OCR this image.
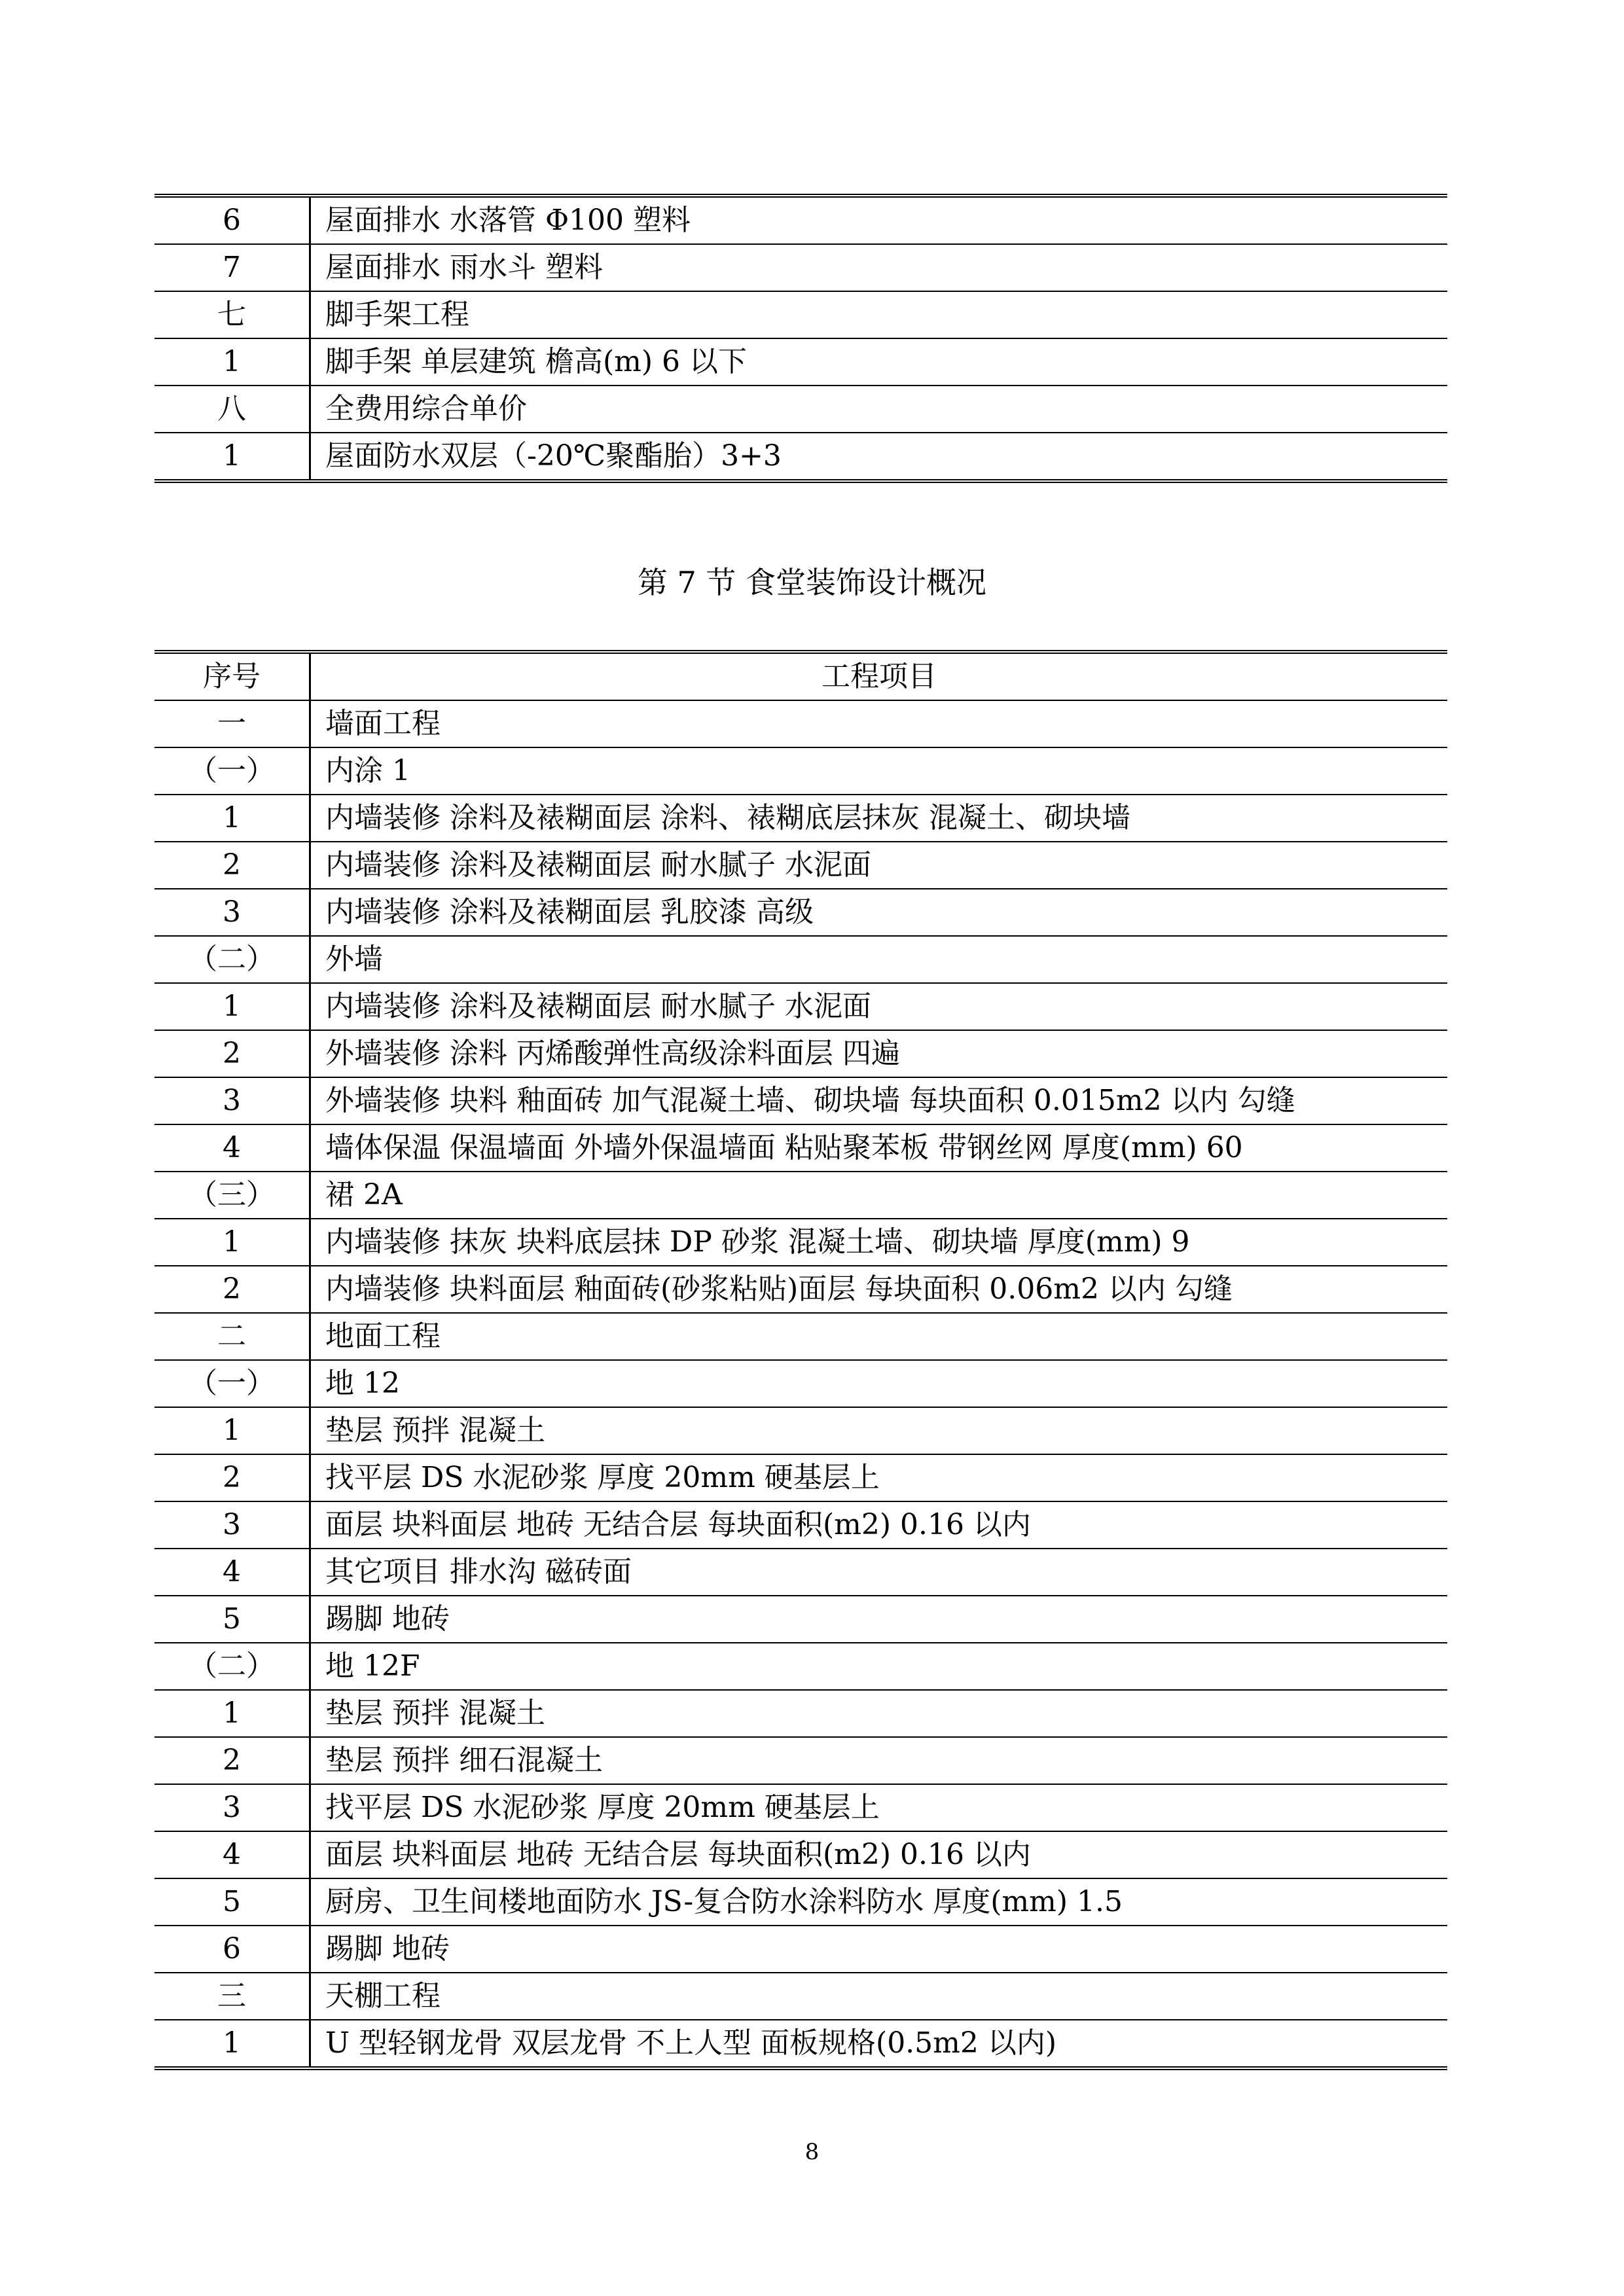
6	屋面排水 水落管 Φ100 塑料
7	屋面排水 雨水斗 塑料
七	脚手架工程
1	脚手架 单层建筑 檐高(m) 6 以下
八	全费用综合单价
1	屋面防水双层（-20℃聚酯胎）3+3
第 7 节 食堂装饰设计概况
序号	工程项目
一	墙面工程
（一）	内涂 1
1	内墙装修 涂料及裱糊面层 涂料、裱糊底层抹灰 混凝土、砌块墙
2	内墙装修 涂料及裱糊面层 耐水腻子 水泥面
3	内墙装修 涂料及裱糊面层 乳胶漆 高级
（二）	外墙
1	内墙装修 涂料及裱糊面层 耐水腻子 水泥面
2	外墙装修 涂料 丙烯酸弹性高级涂料面层 四遍
3	外墙装修 块料 釉面砖 加气混凝土墙、砌块墙 每块面积 0.015m2 以内 勾缝
4	墙体保温 保温墙面 外墙外保温墙面 粘贴聚苯板 带钢丝网 厚度(mm) 60
（三）	裙 2A
1	内墙装修 抹灰 块料底层抹 DP 砂浆 混凝土墙、砌块墙 厚度(mm) 9
2	内墙装修 块料面层 釉面砖(砂浆粘贴)面层 每块面积 0.06m2 以内 勾缝
二	地面工程
（一）	地 12
1	垫层 预拌 混凝土
2	找平层 DS 水泥砂浆 厚度 20mm 硬基层上
3	面层 块料面层 地砖 无结合层 每块面积(m2) 0.16 以内
4	其它项目 排水沟 磁砖面
5	踢脚 地砖
（二）	地 12F
1	垫层 预拌 混凝土
2	垫层 预拌 细石混凝土
3	找平层 DS 水泥砂浆 厚度 20mm 硬基层上
4	面层 块料面层 地砖 无结合层 每块面积(m2) 0.16 以内
5	厨房、卫生间楼地面防水 JS-复合防水涂料防水 厚度(mm) 1.5
6	踢脚 地砖
三	天棚工程
1	U 型轻钢龙骨 双层龙骨 不上人型 面板规格(0.5m2 以内)
8
